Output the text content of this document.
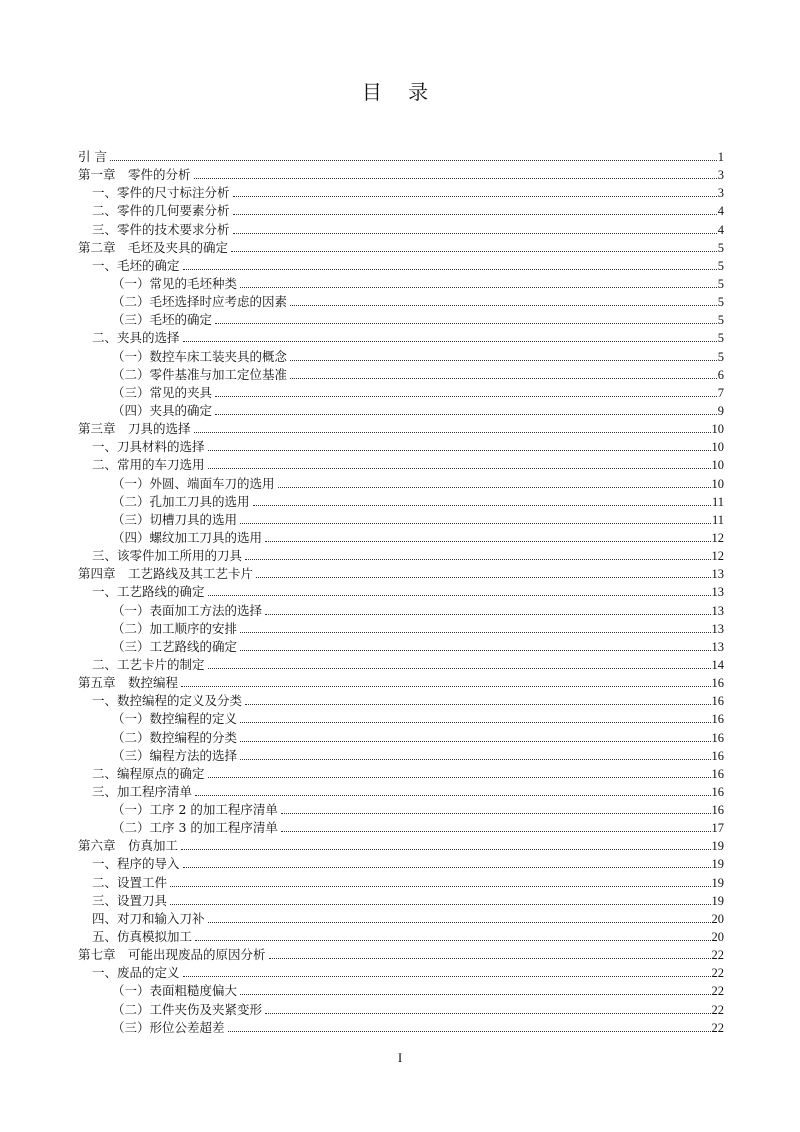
目 录
引 言	1
第一章　零件的分析	3
一、零件的尺寸标注分析	3
二、零件的几何要素分析	4
三、零件的技术要求分析	4
第二章　毛坯及夹具的确定	5
一、毛坯的确定	5
（一）常见的毛坯种类	5
（二）毛坯选择时应考虑的因素	5
（三）毛坯的确定	5
二、夹具的选择	5
（一）数控车床工装夹具的概念	5
（二）零件基准与加工定位基准	6
（三）常见的夹具	7
（四）夹具的确定	9
第三章　刀具的选择	10
一、刀具材料的选择	10
二、常用的车刀选用	10
（一）外圆、端面车刀的选用	10
（二）孔加工刀具的选用	11
（三）切槽刀具的选用	11
（四）螺纹加工刀具的选用	12
三、该零件加工所用的刀具	12
第四章　工艺路线及其工艺卡片	13
一、工艺路线的确定	13
（一）表面加工方法的选择	13
（二）加工顺序的安排	13
（三）工艺路线的确定	13
二、工艺卡片的制定	14
第五章　数控编程	16
一、数控编程的定义及分类	16
（一）数控编程的定义	16
（二）数控编程的分类	16
（三）编程方法的选择	16
二、编程原点的确定	16
三、加工程序清单	16
（一）工序 2 的加工程序清单	16
（二）工序 3 的加工程序清单	17
第六章　仿真加工	19
一、程序的导入	19
二、设置工件	19
三、设置刀具	19
四、对刀和输入刀补	20
五、仿真模拟加工	20
第七章　可能出现废品的原因分析	22
一、废品的定义	22
（一）表面粗糙度偏大	22
（二）工件夹伤及夹紧变形	22
（三）形位公差超差	22
I
